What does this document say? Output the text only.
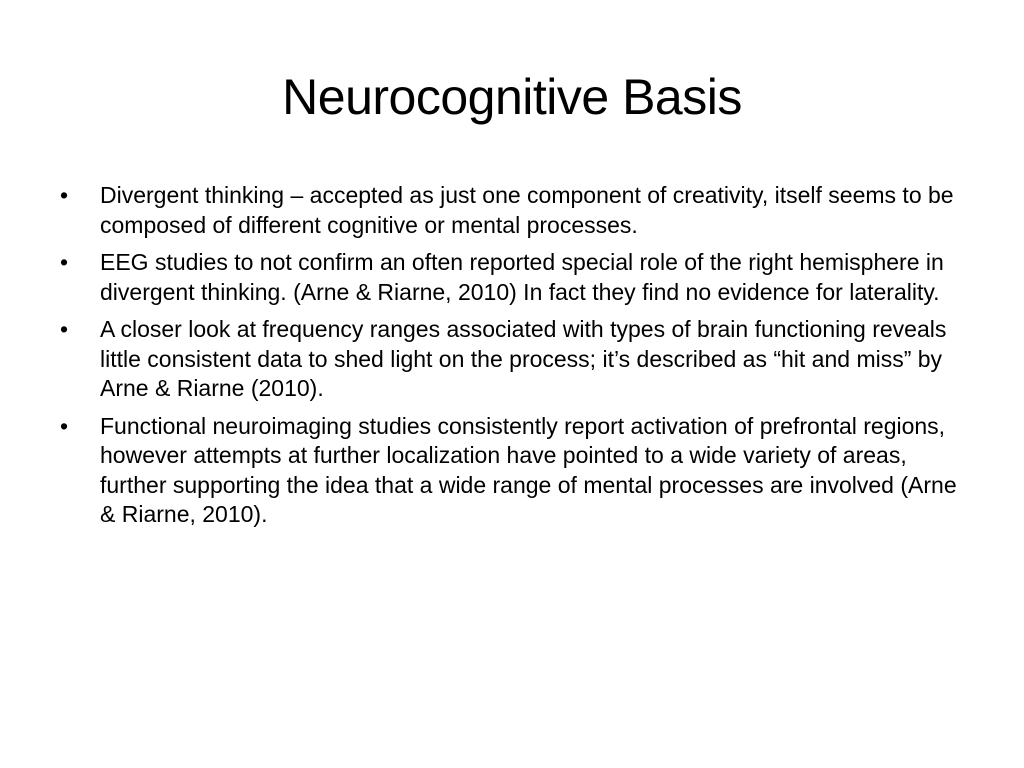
Neurocognitive Basis
•	Divergent thinking – accepted as just one component of creativity, itself seems to be composed of different cognitive or mental processes.
•	EEG studies to not confirm an often reported special role of the right hemisphere in divergent thinking. (Arne & Riarne, 2010) In fact they find no evidence for laterality.
•	A closer look at frequency ranges associated with types of brain functioning reveals little consistent data to shed light on the process; it’s described as “hit and miss” by Arne & Riarne (2010).
•	Functional neuroimaging studies consistently report activation of prefrontal regions, however attempts at further localization have pointed to a wide variety of areas, further supporting the idea that a wide range of mental processes are involved (Arne & Riarne, 2010).
